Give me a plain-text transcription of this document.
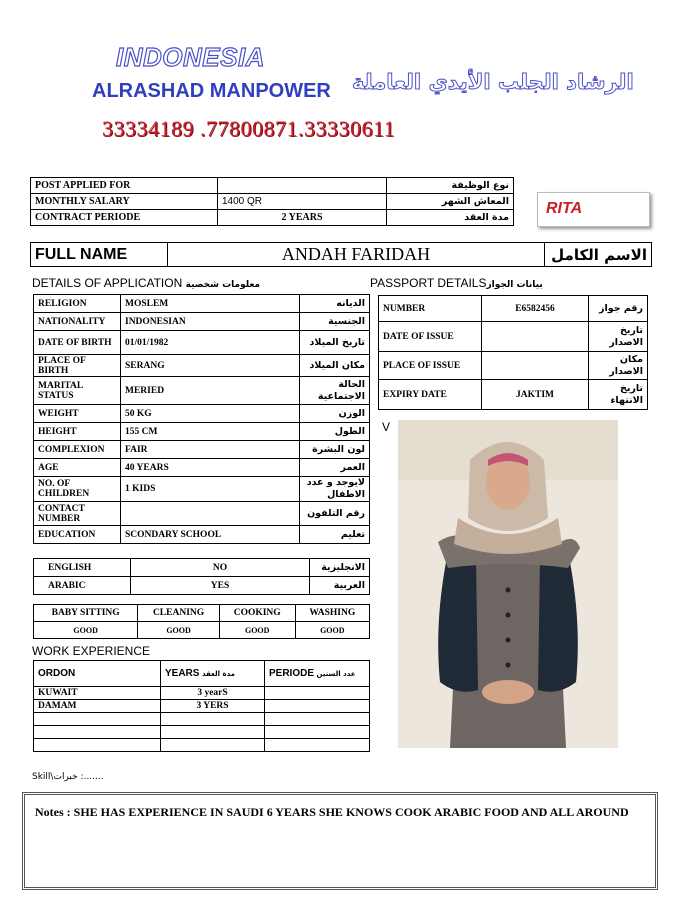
INDONESIA
ALRASHAD MANPOWER الرشاد الجلب الأيدي العاملة
33334189 .77800871.33330611
POST APPLIED FOR		نوع الوظيفة
MONTHLY SALARY	1400 QR	المعاش الشهر
CONTRACT PERIODE	2 YEARS	مدة العقد
RITA
FULL NAME	ANDAH FARIDAH	الاسم الكامل
DETAILS OF APPLICATION معلومات شخصية	PASSPORT DETAILSبيانات الجواز
RELIGION	MOSLEM	الديانه
NATIONALITY	INDONESIAN	الجنسية
DATE OF BIRTH	01/01/1982	تاريخ الميلاد
PLACE OF BIRTH	SERANG	مكان الميلاد
MARITAL STATUS	MERIED	الحالة الاجتماعية
WEIGHT	50 KG	الوزن
HEIGHT	155 CM	الطول
COMPLEXION	FAIR	لون البشرة
AGE	40 YEARS	العمر
NO. OF CHILDREN	1 KIDS	لايوجد و عدد الاطفال
CONTACT NUMBER		رقم التلفون
EDUCATION	SCONDARY SCHOOL	تعليم
ENGLISH	NO	الانجليزية
ARABIC	YES	العربية
NUMBER	E6582456	رقم جواز
DATE OF ISSUE		تاريخ الاصدار
PLACE OF ISSUE		مكان الاصدار
EXPIRY DATE	JAKTIM	تاريخ الانتهاء
V
BABY SITTING	CLEANING	COOKING	WASHING
GOOD	GOOD	GOOD	GOOD
WORK EXPERIENCE
ORDON	YEARS مدة العقد	PERIODE عدد السنين
KUWAIT	3 yearS	
DAMAM	3 YERS	

Skill\خبرات :.......
Notes : SHE HAS EXPERIENCE IN SAUDI 6 YEARS SHE KNOWS COOK ARABIC FOOD AND ALL AROUND
